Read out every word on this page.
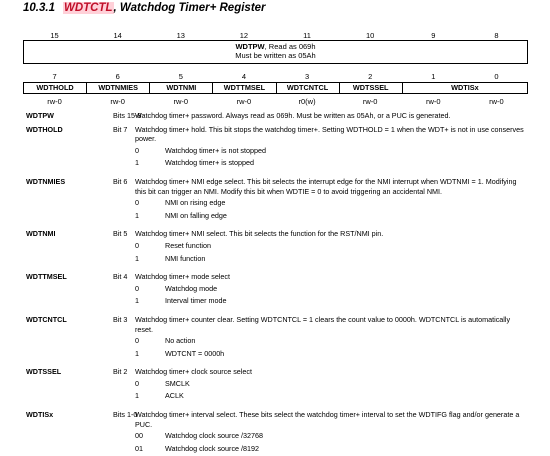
10.3.1 WDTCTL, Watchdog Timer+ Register
15	14	13	12	11	10	9	8
WDTPW, Read as 069h
Must be written as 05Ah
7	6	5	4	3	2	1	0
WDTHOLD	WDTNMIES	WDTNMI	WDTTMSEL	WDTCNTCL	WDTSSEL	WDTISx
rw-0	rw-0	rw-0	rw-0	r0(w)	rw-0	rw-0	rw-0
WDTPW	Bits 15-8
Watchdog timer+ password. Always read as 069h. Must be written as 05Ah, or a PUC is generated.
WDTHOLD	Bit 7 Watchdog timer+ hold. This bit stops the watchdog timer+. Setting WDTHOLD = 1 when the WDT+ is not in use conserves power.
0	Watchdog timer+ is not stopped
1	Watchdog timer+ is stopped
WDTNMIES	Bit 6 Watchdog timer+ NMI edge select. This bit selects the interrupt edge for the NMI interrupt when WDTNMI = 1. Modifying this bit can trigger an NMI. Modify this bit when WDTIE = 0 to avoid triggering an accidental NMI.
0	NMI on rising edge
1	NMI on falling edge
WDTNMI	Bit 5 Watchdog timer+ NMI select. This bit selects the function for the RST/NMI pin.
0	Reset function
1	NMI function
WDTTMSEL	Bit 4 Watchdog timer+ mode select
0	Watchdog mode
1	Interval timer mode
WDTCNTCL	Bit 3 Watchdog timer+ counter clear. Setting WDTCNTCL = 1 clears the count value to 0000h. WDTCNTCL is automatically reset.
0	No action
1	WDTCNT = 0000h
WDTSSEL	Bit 2 Watchdog timer+ clock source select
0	SMCLK
1	ACLK
WDTISx	Bits 1-0
Watchdog timer+ interval select. These bits select the watchdog timer+ interval to set the WDTIFG flag and/or generate a PUC.
00	Watchdog clock source /32768
01	Watchdog clock source /8192
